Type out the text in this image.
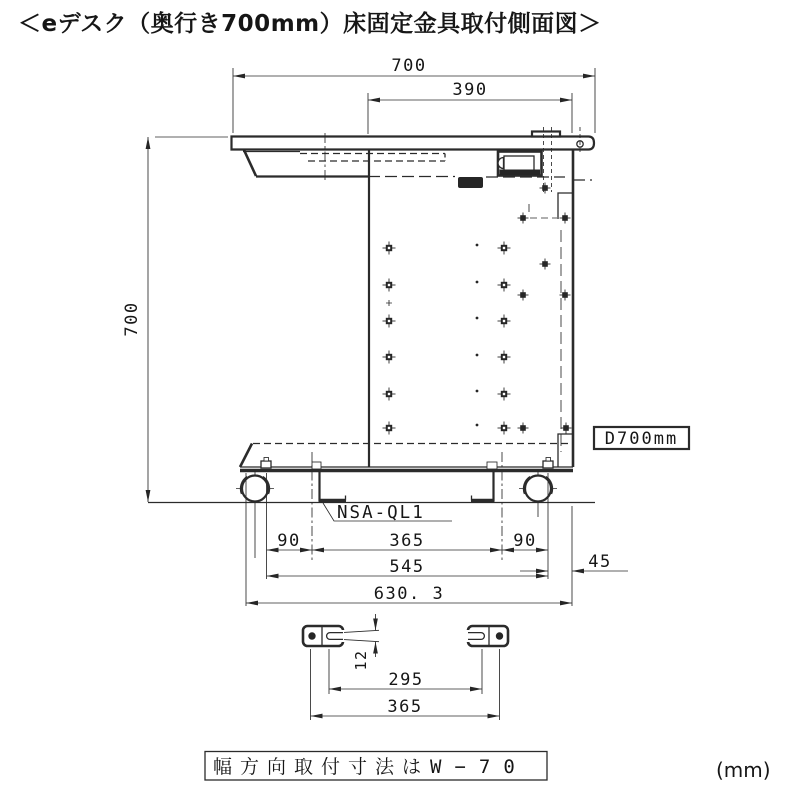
＜eデスク（奥行き700mm）床固定金具取付側面図＞
700
390
700
NSA-QL1
D700mm
90	365	90
545	45
630. 3
12
295
365
幅方向取付寸法は W−70	(mm)
